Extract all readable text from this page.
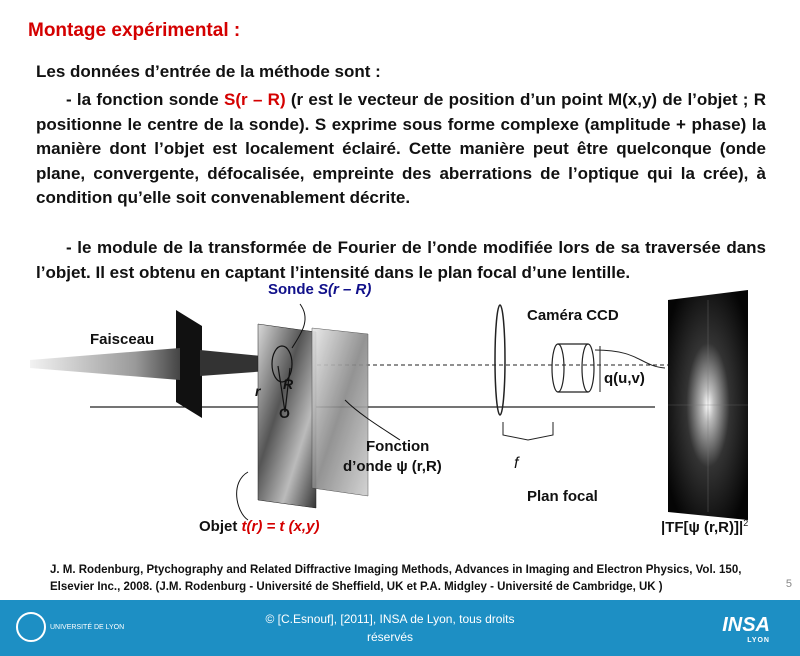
Montage expérimental :
Les données d’entrée de la méthode sont :
- la fonction sonde S(r – R) (r est le vecteur de position d’un point M(x,y) de l’objet ; R positionne le centre de la sonde). S exprime sous forme complexe (amplitude + phase) la manière dont l’objet est localement éclairé. Cette manière peut être quelconque (onde plane, convergente, défocalisée, empreinte des aberrations de l’optique qui la crée), à condition qu’elle soit convenablement décrite.
- le module de la transformée de Fourier de l’onde modifiée lors de sa traversée dans l’objet. Il est obtenu en captant l’intensité dans le plan focal d’une lentille.
Sonde S(r – R)
Faisceau
Caméra CCD
q(u,v)
r R
O
Fonction
d’onde ψ (r,R)	f
Plan focal
Objet t(r) = t (x,y)	|TF[ψ $(r,R)]|^2$
J. M. Rodenburg, Ptychography and Related Diffractive Imaging Methods, Advances in Imaging and Electron Physics, Vol. 150, Elsevier Inc., 2008. (J.M. Rodenburg - Université de Sheffield, UK et P.A. Midgley - Université de Cambridge, UK )	5
UNIVERSITÉ DE LYON
© [C.Esnouf], [2011], INSA de Lyon, tous droits
réservés
INSA
LYON
